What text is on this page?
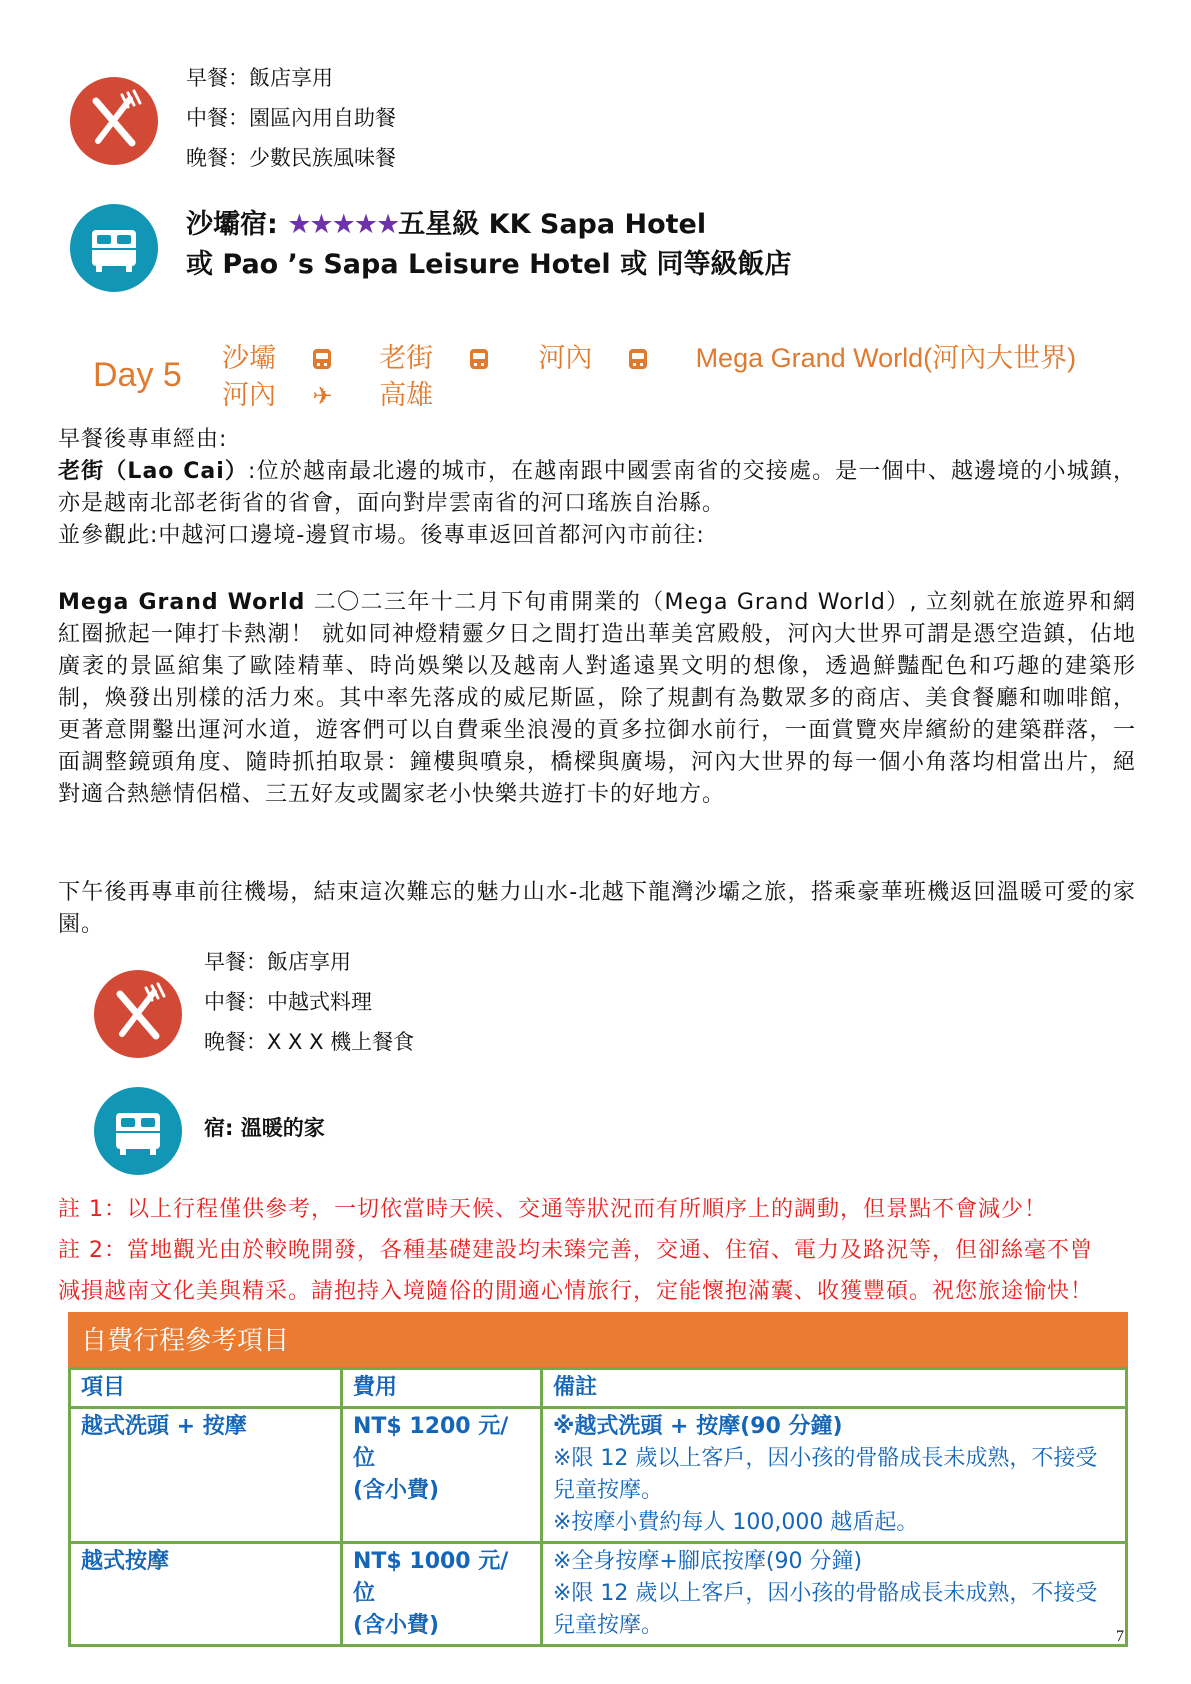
早餐：飯店享用
中餐：園區內用自助餐
晚餐：少數民族風味餐
沙壩宿: ★★★★★五星級 KK Sapa Hotel
或 Pao ’s Sapa Leisure Hotel 或 同等級飯店
Day 5 沙壩	老街	河內	Mega Grand World(河內大世界)
河內 ✈ 高雄
早餐後專車經由:
老街（Lao Cai）:位於越南最北邊的城市，在越南跟中國雲南省的交接處。是一個中、越邊境的小城鎮，亦是越南北部老街省的省會，面向對岸雲南省的河口瑤族自治縣。
並參觀此:中越河口邊境-邊貿市場。後專車返回首都河內市前往:
Mega Grand World 二〇二三年十二月下旬甫開業的（Mega Grand World）, 立刻就在旅遊界和網紅圈掀起一陣打卡熱潮！ 就如同神燈精靈夕日之間打造出華美宮殿般，河內大世界可謂是憑空造鎮，佔地廣袤的景區綰集了歐陸精華、時尚娛樂以及越南人對遙遠異文明的想像，透過鮮豔配色和巧趣的建築形制，煥發出別樣的活力來。其中率先落成的威尼斯區，除了規劃有為數眾多的商店、美食餐廳和咖啡館，更著意開鑿出運河水道，遊客們可以自費乘坐浪漫的貢多拉御水前行，一面賞覽夾岸繽紛的建築群落，一面調整鏡頭角度、隨時抓拍取景：鐘樓與噴泉，橋樑與廣場，河內大世界的每一個小角落均相當出片，絕對適合熱戀情侶檔、三五好友或闔家老小快樂共遊打卡的好地方。
下午後再專車前往機場，結束這次難忘的魅力山水-北越下龍灣沙壩之旅，搭乘豪華班機返回溫暖可愛的家園。
早餐：飯店享用
中餐：中越式料理
晚餐：X X X 機上餐食
宿: 溫暖的家
註 1：以上行程僅供參考，一切依當時天候、交通等狀況而有所順序上的調動，但景點不會減少！
註 2：當地觀光由於較晚開發，各種基礎建設均未臻完善，交通、住宿、電力及路況等，但卻絲毫不曾
減損越南文化美與精采。請抱持入境隨俗的閒適心情旅行，定能懷抱滿囊、收獲豐碩。祝您旅途愉快！
自費行程參考項目		
項目	費用	備註
越式洗頭 + 按摩	NT$ 1200 元/位
(含小費)

※越式洗頭 + 按摩(90 分鐘)
※限 12 歲以上客戶，因小孩的骨骼成長未成熟，不接受兒童按摩。
※按摩小費約每人 100,000 越盾起。

越式按摩	NT$ 1000 元/位
(含小費)

※全身按摩+腳底按摩(90 分鐘)
※限 12 歲以上客戶，因小孩的骨骼成長未成熟，不接受兒童按摩。	7
